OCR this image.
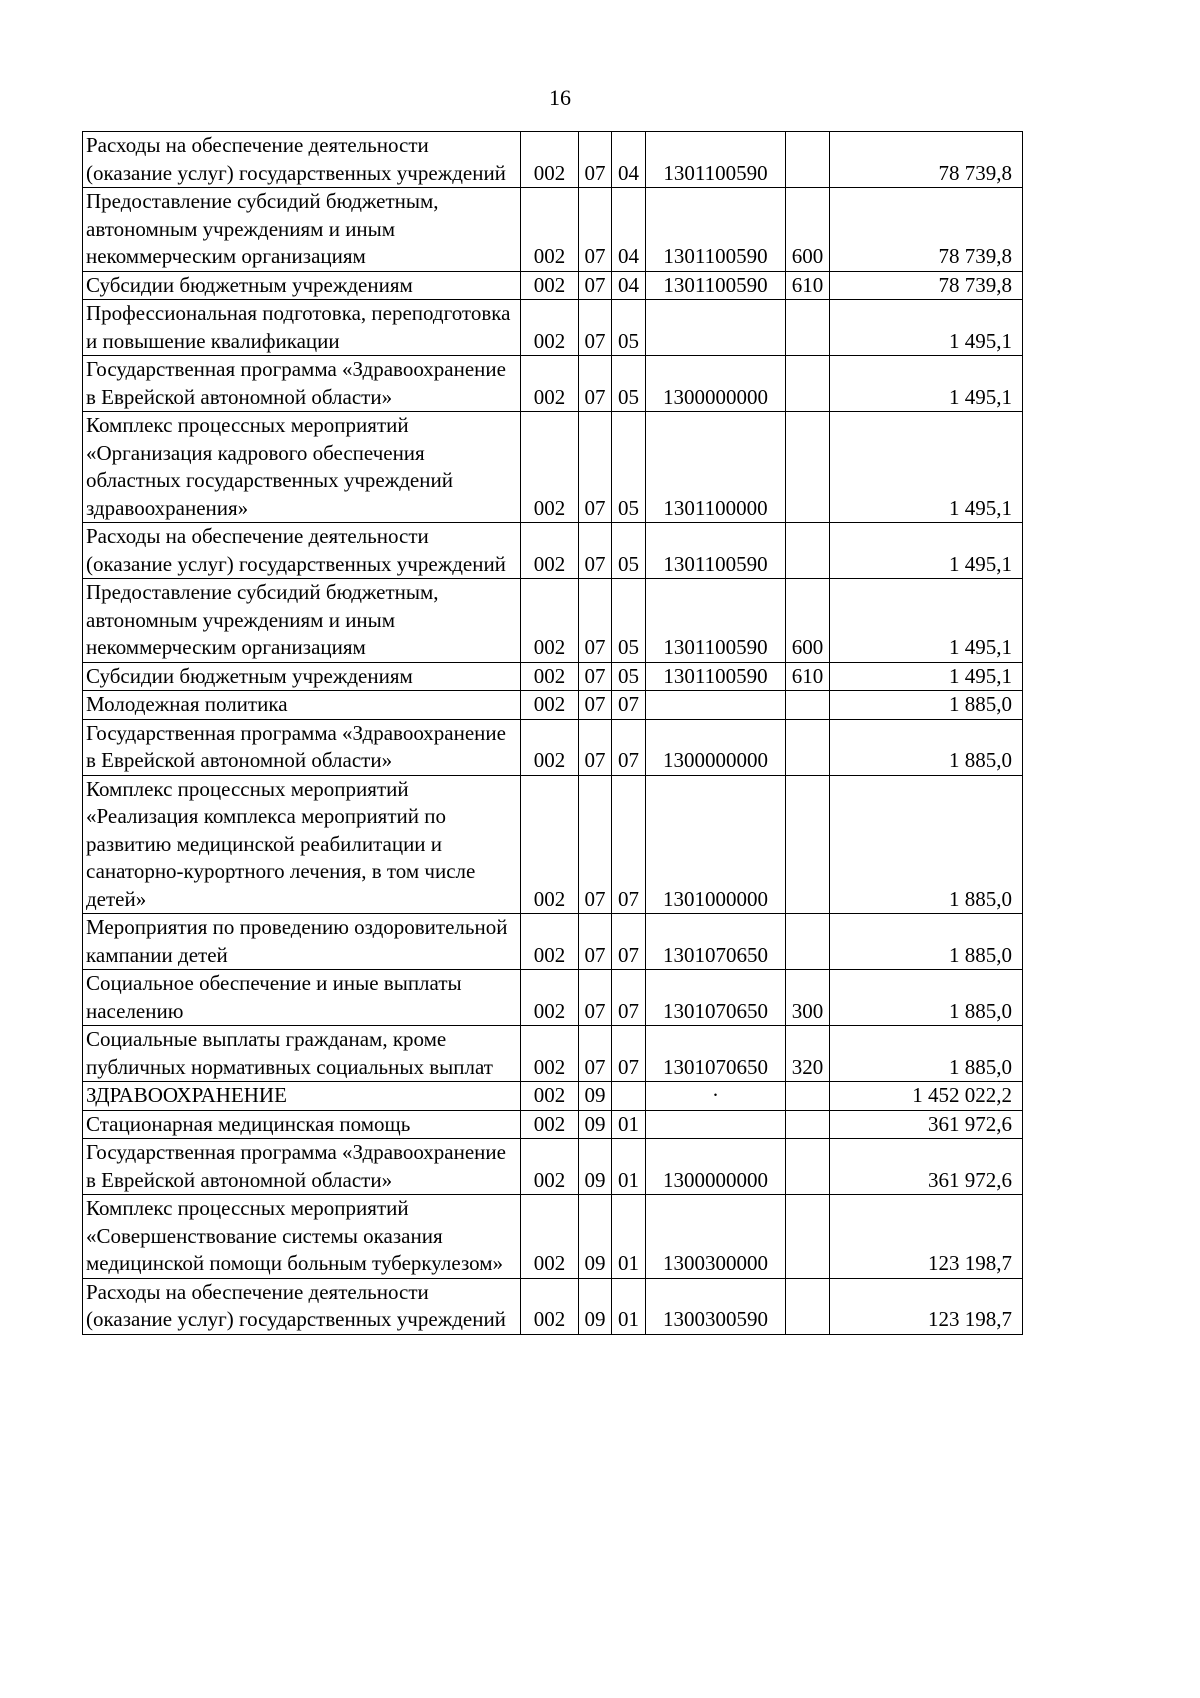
16
Расходы на обеспечение деятельности (оказание услуг) государственных учреждений	002	07	04	1301100590		78 739,8
Предоставление субсидий бюджетным, автономным учреждениям и иным некоммерческим организациям	002	07	04	1301100590	600	78 739,8
Субсидии бюджетным учреждениям	002	07	04	1301100590	610	78 739,8
Профессиональная подготовка, переподготовка и повышение квалификации	002	07	05			1 495,1
Государственная программа «Здравоохранение в Еврейской автономной области»	002	07	05	1300000000		1 495,1
Комплекс процессных мероприятий «Организация кадрового обеспечения областных государственных учреждений здравоохранения»	002	07	05	1301100000		1 495,1
Расходы на обеспечение деятельности (оказание услуг) государственных учреждений	002	07	05	1301100590		1 495,1
Предоставление субсидий бюджетным, автономным учреждениям и иным некоммерческим организациям	002	07	05	1301100590	600	1 495,1
Субсидии бюджетным учреждениям	002	07	05	1301100590	610	1 495,1
Молодежная политика	002	07	07			1 885,0
Государственная программа «Здравоохранение в Еврейской автономной области»	002	07	07	1300000000		1 885,0
Комплекс процессных мероприятий «Реализация комплекса мероприятий по развитию медицинской реабилитации и санаторно-курортного лечения, в том числе детей»	002	07	07	1301000000		1 885,0
Мероприятия по проведению оздоровительной кампании детей	002	07	07	1301070650		1 885,0
Социальное обеспечение и иные выплаты населению	002	07	07	1301070650	300	1 885,0
Социальные выплаты гражданам, кроме публичных нормативных социальных выплат	002	07	07	1301070650	320	1 885,0
ЗДРАВООХРАНЕНИЕ	002	09		·		1 452 022,2
Стационарная медицинская помощь	002	09	01			361 972,6
Государственная программа «Здравоохранение в Еврейской автономной области»	002	09	01	1300000000		361 972,6
Комплекс процессных мероприятий «Совершенствование системы оказания медицинской помощи больным туберкулезом»	002	09	01	1300300000		123 198,7
Расходы на обеспечение деятельности (оказание услуг) государственных учреждений	002	09	01	1300300590		123 198,7
